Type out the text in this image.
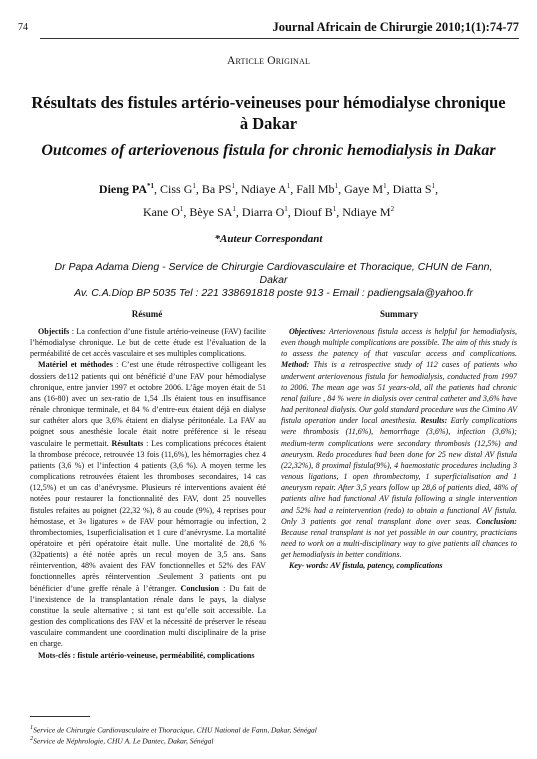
74	Journal Africain de Chirurgie 2010;1(1):74-77
Article Original
Résultats des fistules artério-veineuses pour hémodialyse chronique à Dakar
Outcomes of arteriovenous fistula for chronic hemodialysis in Dakar
Dieng PA$^{*1}$, Ciss $G^1$, Ba $PS^1$, Ndiaye $A^1$, Fall Mb$^1$, Gaye $M^1$, Diatta $S^1$, Kane $O^1$, Bèye $SA^1$, Diarra $O^1$, Diouf $B^1$, Ndiaye $M^2$
*Auteur Correspondant
Dr Papa Adama Dieng - Service de Chirurgie Cardiovasculaire et Thoracique, CHUN de Fann, Dakar
Av. C.A.Diop BP 5035 Tel : 221 338691818 poste 913 - Email : padiengsala@yahoo.fr
Résumé	Summary

Objectifs : La confection d’une fistule artério-veineuse (FAV) facilite l’hémodialyse chronique. Le but de cette étude est l’évaluation de la perméabilité de cet accès vasculaire et ses multiples complications.

Matériel et méthodes : C’est une étude rétrospective colligeant les dossiers de112 patients qui ont bénéficié d’une FAV pour hémodialyse chronique, entre janvier 1997 et octobre 2006. L’âge moyen était de 51 ans (16-80) avec un sex-ratio de 1,54 .Ils étaient tous en insuffisance rénale chronique terminale, et 84 % d’entre-eux étaient déjà en dialyse sur cathéter alors que 3,6% étaient en dialyse péritonéale. La FAV au poignet sous anesthésie locale était notre préférence si le réseau vasculaire le permettait. Résultats : Les complications précoces étaient la thrombose précoce, retrouvée 13 fois (11,6%), les hémorragies chez 4 patients (3,6 %) et l’infection 4 patients (3,6 %). A moyen terme les complications retrouvées étaient les thromboses secondaires, 14 cas (12,5%) et un cas d’anévrysme. Plusieurs ré interventions avaient été notées pour restaurer la fonctionnalité des FAV, dont 25 nouvelles fistules refaites au poignet (22,32 %), 8 au coude (9%), 4 reprises pour hémostase, et 3« ligatures » de FAV pour hémorragie ou infection, 2 thrombectomies, 1superficialisation et 1 cure d’anévrysme. La mortalité opératoire et péri opératoire était nulle. Une mortalité de 28,6 % (32patients) a été notée après un recul moyen de 3,5 ans. Sans réintervention, 48% avaient des FAV fonctionnelles et 52% des FAV fonctionnelles après réintervention .Seulement 3 patients ont pu bénéficier d’une greffe rénale à l’étranger. Conclusion : Du fait de l’inexistence de la transplantation rénale dans le pays, la dialyse constitue la seule alternative ; si tant est qu’elle soit accessible. La gestion des complications des FAV et la nécessité de préserver le réseau vasculaire commandent une coordination multi disciplinaire de la prise en charge.

Mots-clés : fistule artério-veineuse, perméabilité, complications

Objectives: Arteriovenous fistula access is helpful for hemodialysis, even though multiple complications are possible. The aim of this study is to assess the patency of that vascular access and complications. Method: This is a retrospective study of 112 cases of patients who underwent arteriovenous fistula for hemodialysis, conducted from 1997 to 2006. The mean age was 51 years-old, all the patients had chronic renal failure , 84 % were in dialysis over central catheter and 3,6% have had peritoneal dialysis. Our gold standard procedure was the Cimino AV fistula operation under local anesthesia. Results: Early complications were thrombosis (11,6%), hemorrhage (3,6%), infection (3,6%); medium-term complications were secondary thrombosis (12,5%) and aneurysm. Redo procedures had been done for 25 new distal AV fistula (22,32%), 8 proximal fistula(9%), 4 haemostatic procedures including 3 venous ligations, 1 open thrombectomy, 1 superficialisation and 1 aneurysm repair. After 3,5 years follow up 28,6 of patients died, 48% of patients alive had functional AV fistula following a single intervention and 52% had a reintervention (redo) to obtain a functional AV fistula. Only 3 patients got renal transplant done over seas. Conclusion: Because renal transplant is not yet possible in our country, practicians need to work on a multi-disciplinary way to give patients all chances to get hemodialysis in better conditions.

Key- words: AV fistula, patency, complications

$^1$Service de Chirurgie Cardiovasculaire et Thoracique, CHU National de Fann, Dakar, Sénégal
$^2$Service de Néphrologie, CHU A. Le Dantec, Dakar, Sénégal
